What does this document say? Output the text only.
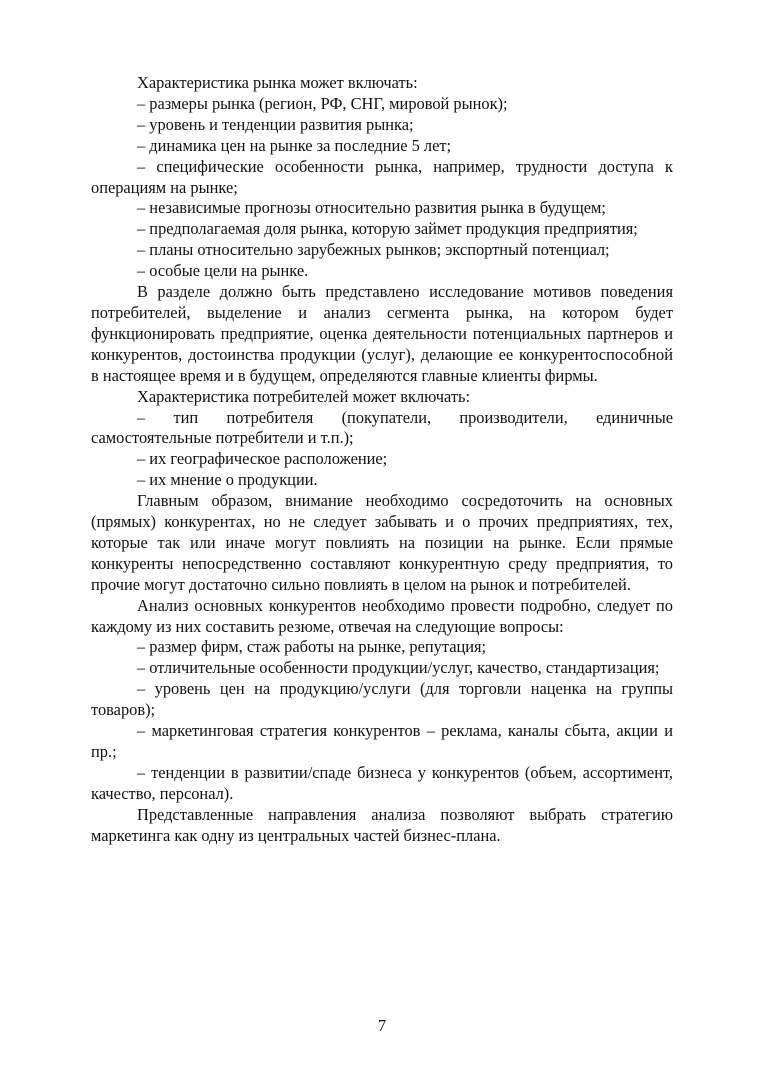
Характеристика рынка может включать:

– размеры рынка (регион, РФ, СНГ, мировой рынок);

– уровень и тенденции развития рынка;

– динамика цен на рынке за последние 5 лет;

– специфические особенности рынка, например, трудности доступа к операциям на рынке;

– независимые прогнозы относительно развития рынка в будущем;

– предполагаемая доля рынка, которую займет продукция предприятия;

– планы относительно зарубежных рынков; экспортный потенциал;

– особые цели на рынке.

В разделе должно быть представлено исследование мотивов поведения потребителей, выделение и анализ сегмента рынка, на котором будет функционировать предприятие, оценка деятельности потенциальных партнеров и конкурентов, достоинства продукции (услуг), делающие ее конкурентоспособной в настоящее время и в будущем, определяются главные клиенты фирмы.

Характеристика потребителей может включать:

– тип потребителя (покупатели, производители, единичные самостоятельные потребители и т.п.);

– их географическое расположение;

– их мнение о продукции.

Главным образом, внимание необходимо сосредоточить на основных (прямых) конкурентах, но не следует забывать и о прочих предприятиях, тех, которые так или иначе могут повлиять на позиции на рынке. Если прямые конкуренты непосредственно составляют конкурентную среду предприятия, то прочие могут достаточно сильно повлиять в целом на рынок и потребителей.

Анализ основных конкурентов необходимо провести подробно, следует по каждому из них составить резюме, отвечая на следующие вопросы:

– размер фирм, стаж работы на рынке, репутация;

– отличительные особенности продукции/услуг, качество, стандартизация;

– уровень цен на продукцию/услуги (для торговли наценка на группы товаров);

– маркетинговая стратегия конкурентов – реклама, каналы сбыта, акции и пр.;

– тенденции в развитии/спаде бизнеса у конкурентов (объем, ассортимент, качество, персонал).

Представленные направления анализа позволяют выбрать стратегию маркетинга как одну из центральных частей бизнес-плана.

7
